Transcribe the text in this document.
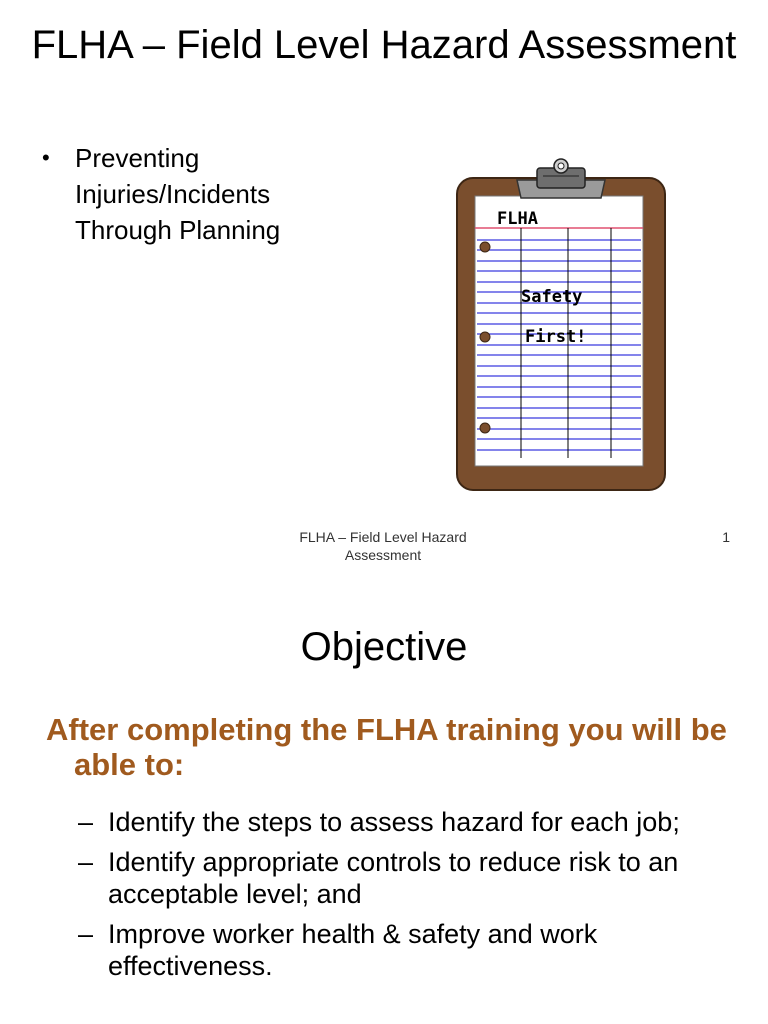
FLHA – Field Level Hazard Assessment
• Preventing Injuries/Incidents Through Planning	FLHA
Safety
First!
FLHA – Field Level Hazard Assessment
1
Objective

After completing the FLHA training you will be able to:

– Identify the steps to assess hazard for each job;
– Identify appropriate controls to reduce risk to an acceptable level; and
– Improve worker health & safety and work effectiveness.
